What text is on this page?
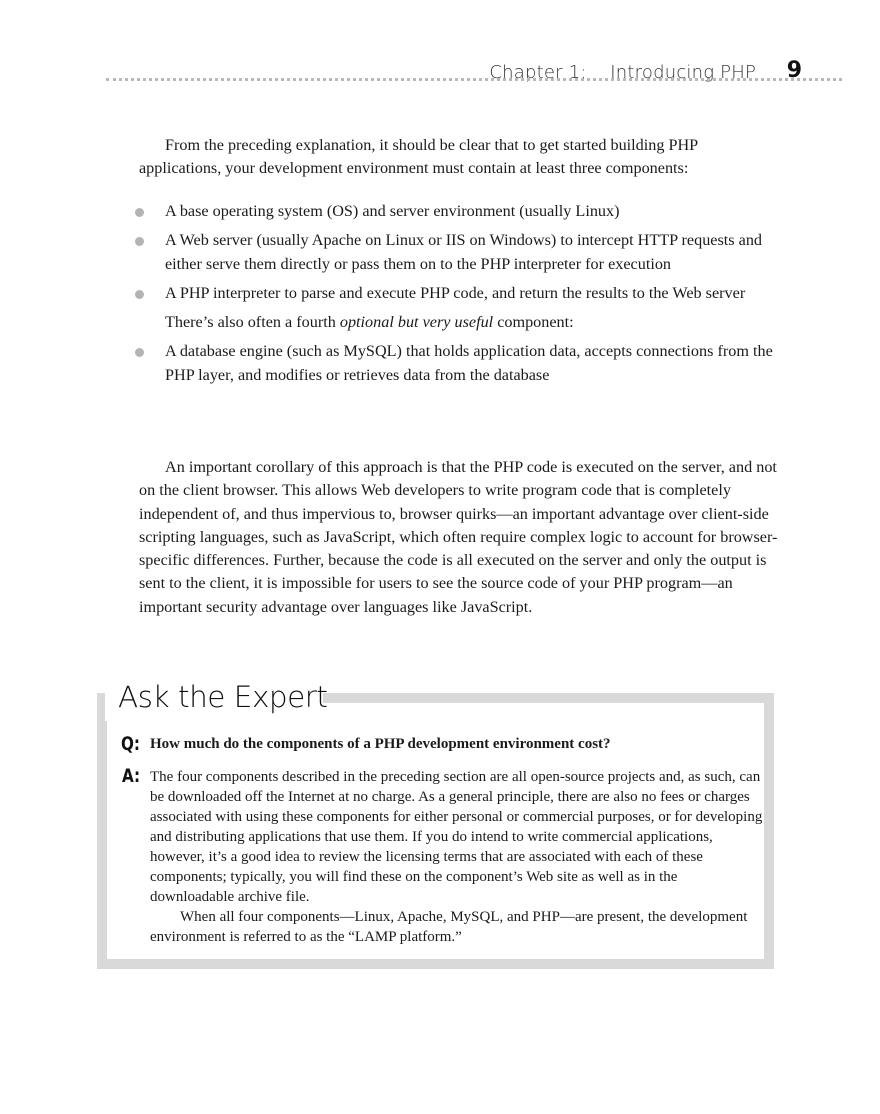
Chapter 1:    Introducing PHP 9

From the preceding explanation, it should be clear that to get started building PHP applications, your development environment must contain at least three components:

A base operating system (OS) and server environment (usually Linux)
A Web server (usually Apache on Linux or IIS on Windows) to intercept HTTP requests and either serve them directly or pass them on to the PHP interpreter for execution
A PHP interpreter to parse and execute PHP code, and return the results to the Web server
There’s also often a fourth optional but very useful component:
A database engine (such as MySQL) that holds application data, accepts connections from the PHP layer, and modifies or retrieves data from the database

An important corollary of this approach is that the PHP code is executed on the server, and not on the client browser. This allows Web developers to write program code that is completely independent of, and thus impervious to, browser quirks—an important advantage over client-side scripting languages, such as JavaScript, which often require complex logic to account for browser-specific differences. Further, because the code is all executed on the server and only the output is sent to the client, it is impossible for users to see the source code of your PHP program—an important security advantage over languages like JavaScript.

Ask the Expert
Q: How much do the components of a PHP development environment cost?

A: The four components described in the preceding section are all open-source projects and, as such, can be downloaded off the Internet at no charge. As a general principle, there are also no fees or charges associated with using these components for either personal or commercial purposes, or for developing and distributing applications that use them. If you do intend to write commercial applications, however, it’s a good idea to review the licensing terms that are associated with each of these components; typically, you will find these on the component’s Web site as well as in the downloadable archive file.

When all four components—Linux, Apache, MySQL, and PHP—are present, the development environment is referred to as the “LAMP platform.”
